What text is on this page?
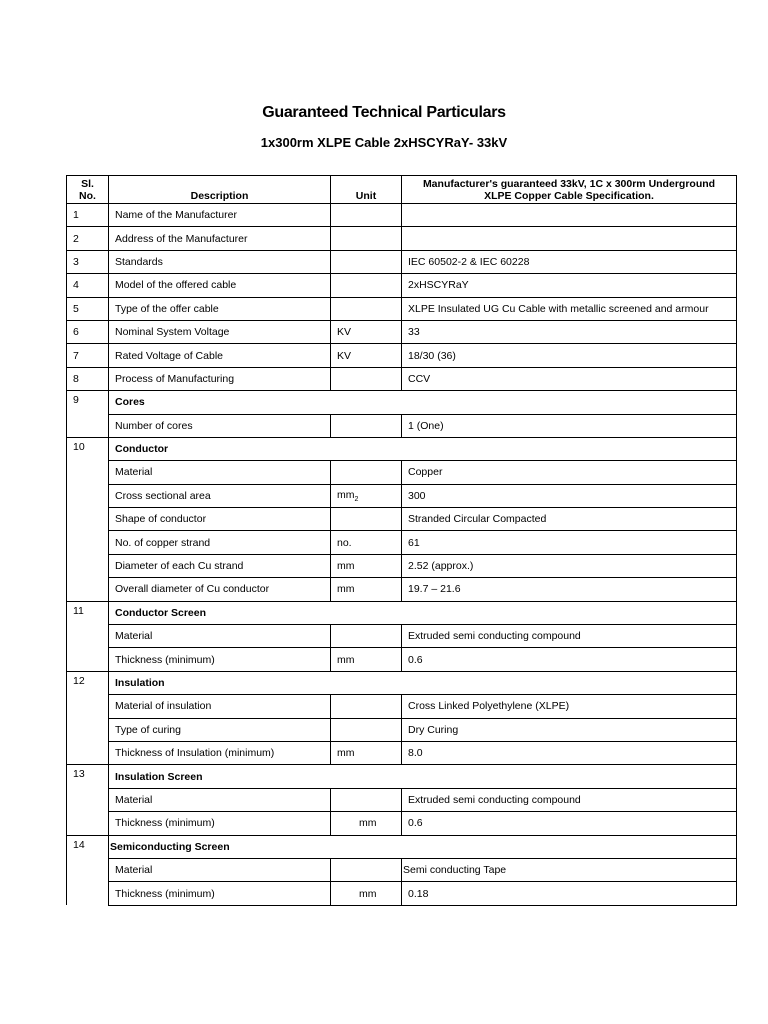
Guaranteed Technical Particulars
1x300rm XLPE Cable 2xHSCYRaY- 33kV
Sl.
No.	Description	Unit	Manufacturer's guaranteed 33kV, 1C x 300rm Underground
XLPE Copper Cable Specification.
1	Name of the Manufacturer		
2	Address of the Manufacturer		
3	Standards		IEC 60502-2 & IEC 60228
4	Model of the offered cable		2xHSCYRaY
5	Type of the offer cable		XLPE Insulated UG Cu Cable with metallic screened and armour
6	Nominal System Voltage	KV	33
7	Rated Voltage of Cable	KV	18/30 (36)
8	Process of Manufacturing		CCV
9	Cores		
	Number of cores		1 (One)
10	Conductor		
	Material		Copper
	Cross sectional area	$mm_2$	300
	Shape of conductor		Stranded Circular Compacted
	No. of copper strand	no.	61
	Diameter of each Cu strand	mm	2.52 (approx.)
	Overall diameter of Cu conductor	mm	19.7 – 21.6
11	Conductor Screen		
	Material		Extruded semi conducting compound
	Thickness (minimum)	mm	0.6
12	Insulation		
	Material of insulation		Cross Linked Polyethylene (XLPE)
	Type of curing		Dry Curing
	Thickness of Insulation (minimum)	mm	8.0
13	Insulation Screen		
	Material		Extruded semi conducting compound
	Thickness (minimum)	mm	0.6
14	Semiconducting Screen		
	Material		Semi conducting Tape
	Thickness (minimum)	mm	0.18
